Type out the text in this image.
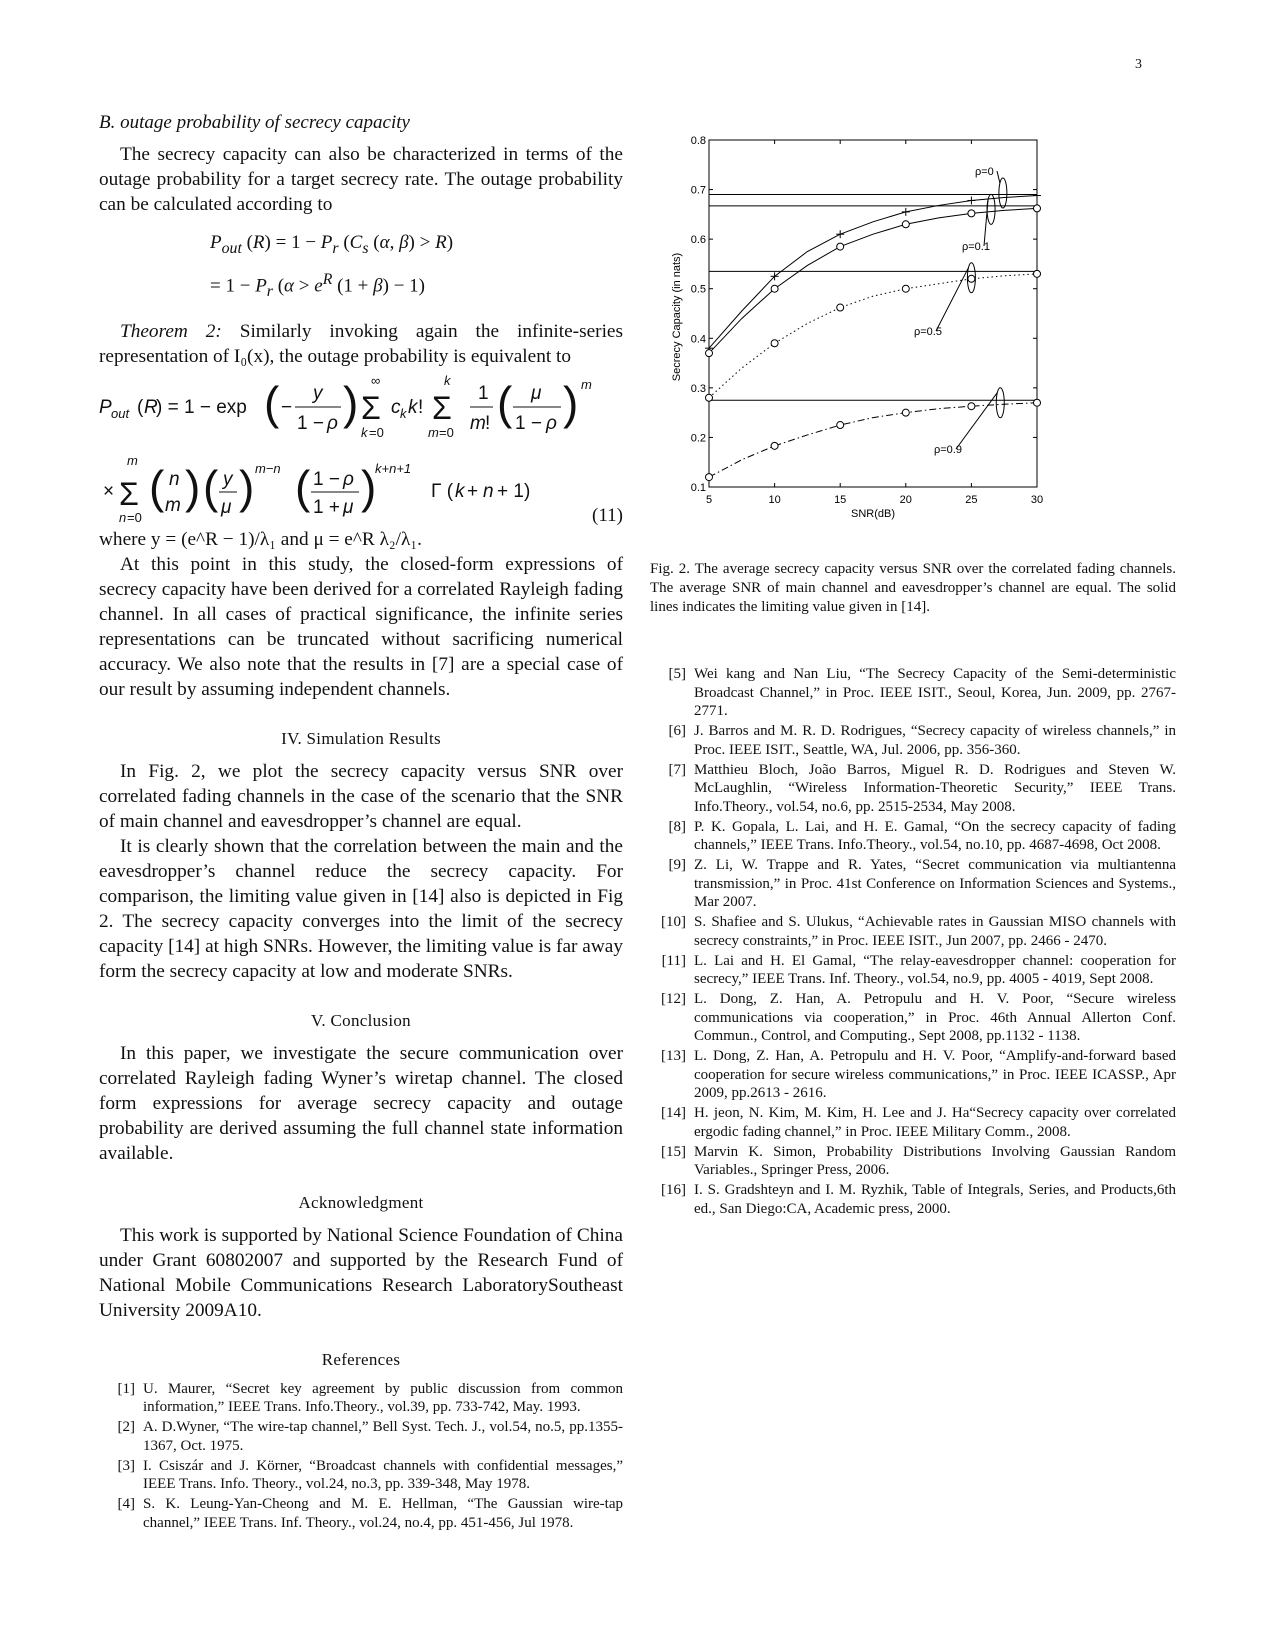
3
B. outage probability of secrecy capacity

The secrecy capacity can also be characterized in terms of the outage probability for a target secrecy rate. The outage probability can be calculated according to

$P_{out}$ $(R) = 1 - P_r$ ($C_s$ (α, β) > R)
= $1 - P_r$ ($\alpha > e^R$ (1 + β) − 1)

Theorem 2: Similarly invoking again the infinite-series representation of I₀(x), the outage probability is equivalent to

P out ( R
) = 1 − exp ( −
y
1 − ρ ) ∞
Σ
k =0
c k k !
k
Σ
m =0
1
m ! ( μ
1 − ρ ) m
×
m
Σ
n =0
( n
m ) ( y
μ ) m−n ( 1 − ρ
1 + μ )
k+n+1
Γ ( k + n + 1)
(11)

where y = (e^R − 1)/λ₁ and μ = e^R λ₂/λ₁.

At this point in this study, the closed-form expressions of secrecy capacity have been derived for a correlated Rayleigh fading channel. In all cases of practical significance, the infinite series representations can be truncated without sacrificing numerical accuracy. We also note that the results in [7] are a special case of our result by assuming independent channels.

IV. Simulation Results

In Fig. 2, we plot the secrecy capacity versus SNR over correlated fading channels in the case of the scenario that the SNR of main channel and eavesdropper’s channel are equal.

It is clearly shown that the correlation between the main and the eavesdropper’s channel reduce the secrecy capacity. For comparison, the limiting value given in [14] also is depicted in Fig 2. The secrecy capacity converges into the limit of the secrecy capacity [14] at high SNRs. However, the limiting value is far away form the secrecy capacity at low and moderate SNRs.

V. Conclusion

In this paper, we investigate the secure communication over correlated Rayleigh fading Wyner’s wiretap channel. The closed form expressions for average secrecy capacity and outage probability are derived assuming the full channel state information available.

Acknowledgment

This work is supported by National Science Foundation of China under Grant 60802007 and supported by the Research Fund of National Mobile Communications Research LaboratorySoutheast University 2009A10.

References
[1] U. Maurer, “Secret key agreement by public discussion from common information,” IEEE Trans. Info.Theory., vol.39, pp. 733-742, May. 1993.
[2] A. D.Wyner, “The wire-tap channel,” Bell Syst. Tech. J., vol.54, no.5, pp.1355-1367, Oct. 1975.
[3] I. Csiszár and J. Körner, “Broadcast channels with confidential messages,” IEEE Trans. Info. Theory., vol.24, no.3, pp. 339-348, May 1978.
[4] S. K. Leung-Yan-Cheong and M. E. Hellman, “The Gaussian wire-tap channel,” IEEE Trans. Inf. Theory., vol.24, no.4, pp. 451-456, Jul 1978.
5	10	15	20	25	30
0.1
0.2
0.3
0.4
0.5
0.6
0.7
0.8
SNR(dB)
ρ=0
ρ=0.1
ρ=0.5
ρ=0.9
Secrecy Capacity (in nats)
Fig. 2. The average secrecy capacity versus SNR over the correlated fading channels. The average SNR of main channel and eavesdropper’s channel are equal. The solid lines indicates the limiting value given in [14].
[5] Wei kang and Nan Liu, “The Secrecy Capacity of the Semi-deterministic Broadcast Channel,” in Proc. IEEE ISIT., Seoul, Korea, Jun. 2009, pp. 2767-2771.
[6] J. Barros and M. R. D. Rodrigues, “Secrecy capacity of wireless channels,” in Proc. IEEE ISIT., Seattle, WA, Jul. 2006, pp. 356-360.
[7] Matthieu Bloch, João Barros, Miguel R. D. Rodrigues and Steven W. McLaughlin, “Wireless Information-Theoretic Security,” IEEE Trans. Info.Theory., vol.54, no.6, pp. 2515-2534, May 2008.
[8] P. K. Gopala, L. Lai, and H. E. Gamal, “On the secrecy capacity of fading channels,” IEEE Trans. Info.Theory., vol.54, no.10, pp. 4687-4698, Oct 2008.
[9] Z. Li, W. Trappe and R. Yates, “Secret communication via multiantenna transmission,” in Proc. 41st Conference on Information Sciences and Systems., Mar 2007.
[10] S. Shafiee and S. Ulukus, “Achievable rates in Gaussian MISO channels with secrecy constraints,” in Proc. IEEE ISIT., Jun 2007, pp. 2466 - 2470.
[11] L. Lai and H. El Gamal, “The relay-eavesdropper channel: cooperation for secrecy,” IEEE Trans. Inf. Theory., vol.54, no.9, pp. 4005 - 4019, Sept 2008.
[12] L. Dong, Z. Han, A. Petropulu and H. V. Poor, “Secure wireless communications via cooperation,” in Proc. 46th Annual Allerton Conf. Commun., Control, and Computing., Sept 2008, pp.1132 - 1138.
[13] L. Dong, Z. Han, A. Petropulu and H. V. Poor, “Amplify-and-forward based cooperation for secure wireless communications,” in Proc. IEEE ICASSP., Apr 2009, pp.2613 - 2616.
[14] H. jeon, N. Kim, M. Kim, H. Lee and J. Ha“Secrecy capacity over correlated ergodic fading channel,” in Proc. IEEE Military Comm., 2008.
[15] Marvin K. Simon, Probability Distributions Involving Gaussian Random Variables., Springer Press, 2006.
[16] I. S. Gradshteyn and I. M. Ryzhik, Table of Integrals, Series, and Products,6th ed., San Diego:CA, Academic press, 2000.
